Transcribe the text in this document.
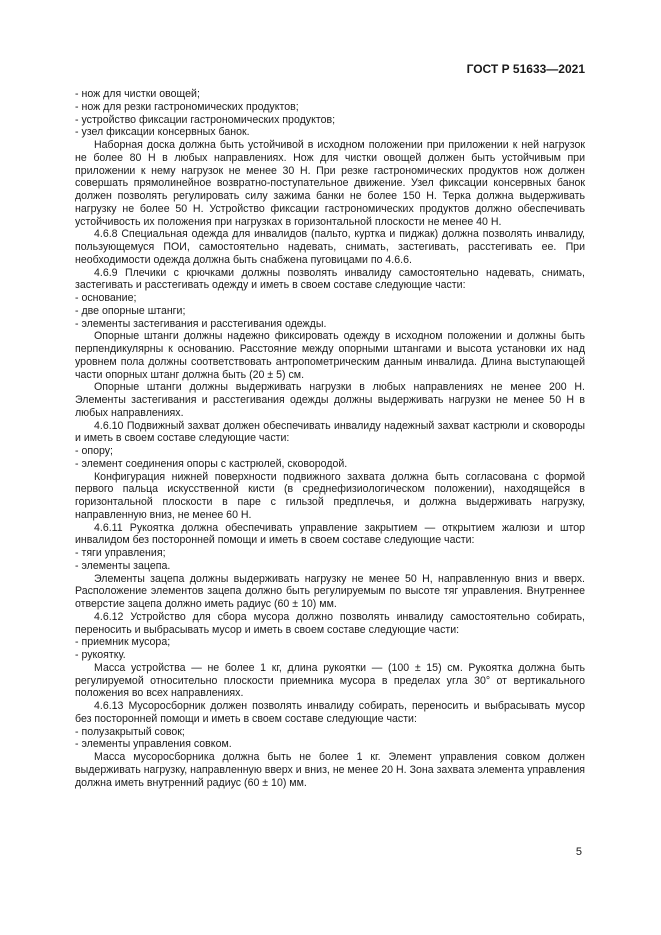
ГОСТ Р 51633—2021

- нож для чистки овощей;

- нож для резки гастрономических продуктов;

- устройство фиксации гастрономических продуктов;

- узел фиксации консервных банок.

Наборная доска должна быть устойчивой в исходном положении при приложении к ней нагрузок не более 80 Н в любых направлениях. Нож для чистки овощей должен быть устойчивым при приложении к нему нагрузок не менее 30 Н. При резке гастрономических продуктов нож должен совершать прямолинейное возвратно-поступательное движение. Узел фиксации консервных банок должен позволять регулировать силу зажима банки не более 150 Н. Терка должна выдерживать нагрузку не более 50 Н. Устройство фиксации гастрономических продуктов должно обеспечивать устойчивость их положения при нагрузках в горизонтальной плоскости не менее 40 Н.

4.6.8 Специальная одежда для инвалидов (пальто, куртка и пиджак) должна позволять инвалиду, пользующемуся ПОИ, самостоятельно надевать, снимать, застегивать, расстегивать ее. При необходимости одежда должна быть снабжена пуговицами по 4.6.6.

4.6.9 Плечики с крючками должны позволять инвалиду самостоятельно надевать, снимать, застегивать и расстегивать одежду и иметь в своем составе следующие части:

- основание;

- две опорные штанги;

- элементы застегивания и расстегивания одежды.

Опорные штанги должны надежно фиксировать одежду в исходном положении и должны быть перпендикулярны к основанию. Расстояние между опорными штангами и высота установки их над уровнем пола должны соответствовать антропометрическим данным инвалида. Длина выступающей части опорных штанг должна быть (20 ± 5) см.

Опорные штанги должны выдерживать нагрузки в любых направлениях не менее 200 Н. Элементы застегивания и расстегивания одежды должны выдерживать нагрузки не менее 50 Н в любых направлениях.

4.6.10 Подвижный захват должен обеспечивать инвалиду надежный захват кастрюли и сковороды и иметь в своем составе следующие части:

- опору;

- элемент соединения опоры с кастрюлей, сковородой.

Конфигурация нижней поверхности подвижного захвата должна быть согласована с формой первого пальца искусственной кисти (в среднефизиологическом положении), находящейся в горизонтальной плоскости в паре с гильзой предплечья, и должна выдерживать нагрузку, направленную вниз, не менее 60 Н.

4.6.11 Рукоятка должна обеспечивать управление закрытием — открытием жалюзи и штор инвалидом без посторонней помощи и иметь в своем составе следующие части:

- тяги управления;

- элементы зацепа.

Элементы зацепа должны выдерживать нагрузку не менее 50 Н, направленную вниз и вверх. Расположение элементов зацепа должно быть регулируемым по высоте тяг управления. Внутреннее отверстие зацепа должно иметь радиус (60 ± 10) мм.

4.6.12 Устройство для сбора мусора должно позволять инвалиду самостоятельно собирать, переносить и выбрасывать мусор и иметь в своем составе следующие части:

- приемник мусора;

- рукоятку.

Масса устройства — не более 1 кг, длина рукоятки — (100 ± 15) см. Рукоятка должна быть регулируемой относительно плоскости приемника мусора в пределах угла 30° от вертикального положения во всех направлениях.

4.6.13 Мусоросборник должен позволять инвалиду собирать, переносить и выбрасывать мусор без посторонней помощи и иметь в своем составе следующие части:

- полузакрытый совок;

- элементы управления совком.

Масса мусоросборника должна быть не более 1 кг. Элемент управления совком должен выдерживать нагрузку, направленную вверх и вниз, не менее 20 Н. Зона захвата элемента управления должна иметь внутренний радиус (60 ± 10) мм.

5
